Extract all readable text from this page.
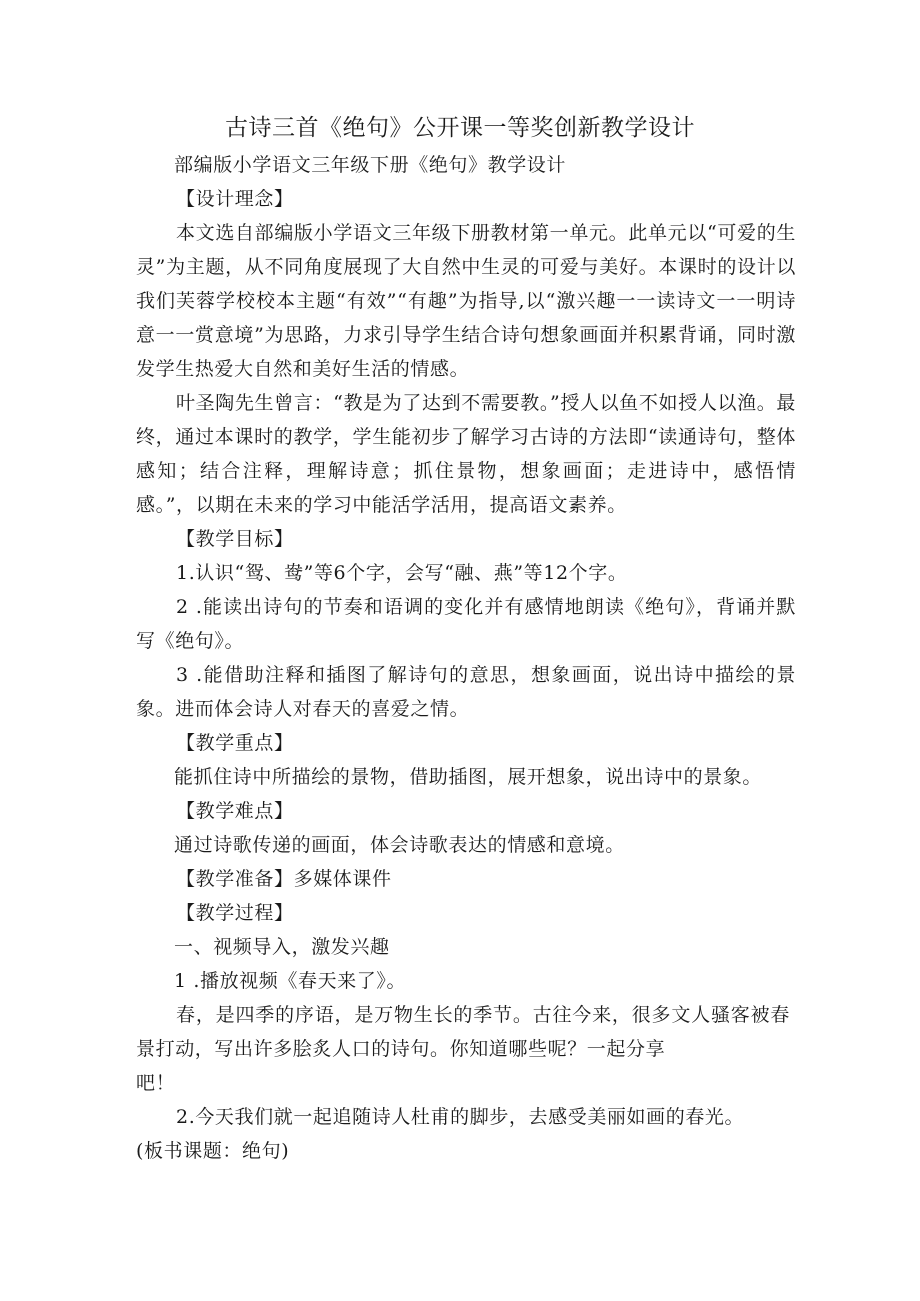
古诗三首《绝句》公开课一等奖创新教学设计

部编版小学语文三年级下册《绝句》教学设计

【设计理念】

本文选自部编版小学语文三年级下册教材第一单元。此单元以“可爱的生灵”为主题，从不同角度展现了大自然中生灵的可爱与美好。本课时的设计以我们芙蓉学校校本主题“有效”“有趣”为指导,以“激兴趣一一读诗文一一明诗意一一赏意境”为思路，力求引导学生结合诗句想象画面并积累背诵，同时激发学生热爱大自然和美好生活的情感。

叶圣陶先生曾言：“教是为了达到不需要教。”授人以鱼不如授人以渔。最终，通过本课时的教学，学生能初步了解学习古诗的方法即“读通诗句，整体感知；结合注释，理解诗意；抓住景物，想象画面；走进诗中，感悟情感。”，以期在未来的学习中能活学活用，提高语文素养。

【教学目标】

1.认识“鸳、鸯”等6个字，会写“融、燕”等12个字。

2 .能读出诗句的节奏和语调的变化并有感情地朗读《绝句》，背诵并默写《绝句》。

3 .能借助注释和插图了解诗句的意思，想象画面，说出诗中描绘的景象。进而体会诗人对春天的喜爱之情。

【教学重点】

能抓住诗中所描绘的景物，借助插图，展开想象，说出诗中的景象。

【教学难点】

通过诗歌传递的画面，体会诗歌表达的情感和意境。

【教学准备】多媒体课件

【教学过程】

一、视频导入，激发兴趣

1 .播放视频《春天来了》。

春，是四季的序语，是万物生长的季节。古往今来，很多文人骚客被春景打动，写出许多脍炙人口的诗句。你知道哪些呢？一起分享

吧！

2.今天我们就一起追随诗人杜甫的脚步，去感受美丽如画的春光。

(板书课题：绝句)
